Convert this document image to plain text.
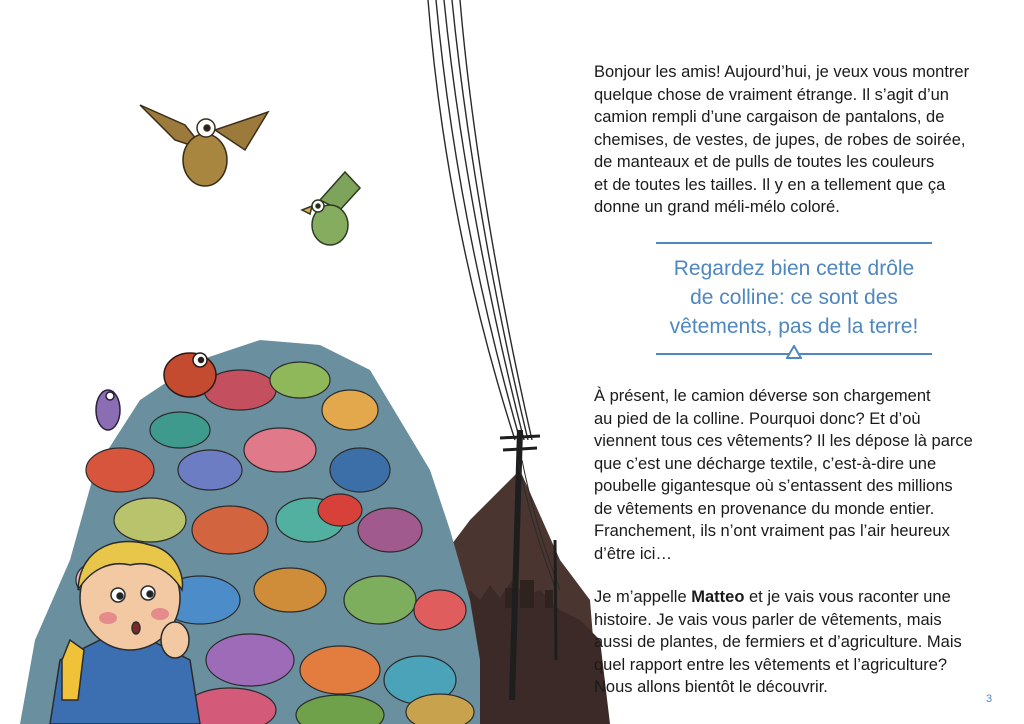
Bonjour les amis! Aujourd’hui, je veux vous montrer
quelque chose de vraiment étrange. Il s’agit d’un
camion rempli d’une cargaison de pantalons, de
chemises, de vestes, de jupes, de robes de soirée,
de manteaux et de pulls de toutes les couleurs
et de toutes les tailles. Il y en a tellement que ça
donne un grand méli-mélo coloré.

Regardez bien cette drôle
de colline: ce sont des
vêtements, pas de la terre!

À présent, le camion déverse son chargement
au pied de la colline. Pourquoi donc? Et d’où
viennent tous ces vêtements? Il les dépose là parce
que c’est une décharge textile, c’est-à-dire une
poubelle gigantesque où s’entassent des millions
de vêtements en provenance du monde entier.
Franchement, ils n’ont vraiment pas l’air heureux
d’être ici…

Je m’appelle Matteo et je vais vous raconter une
histoire. Je vais vous parler de vêtements, mais
aussi de plantes, de fermiers et d’agriculture. Mais
quel rapport entre les vêtements et l’agriculture?
Nous allons bientôt le découvrir.

3
